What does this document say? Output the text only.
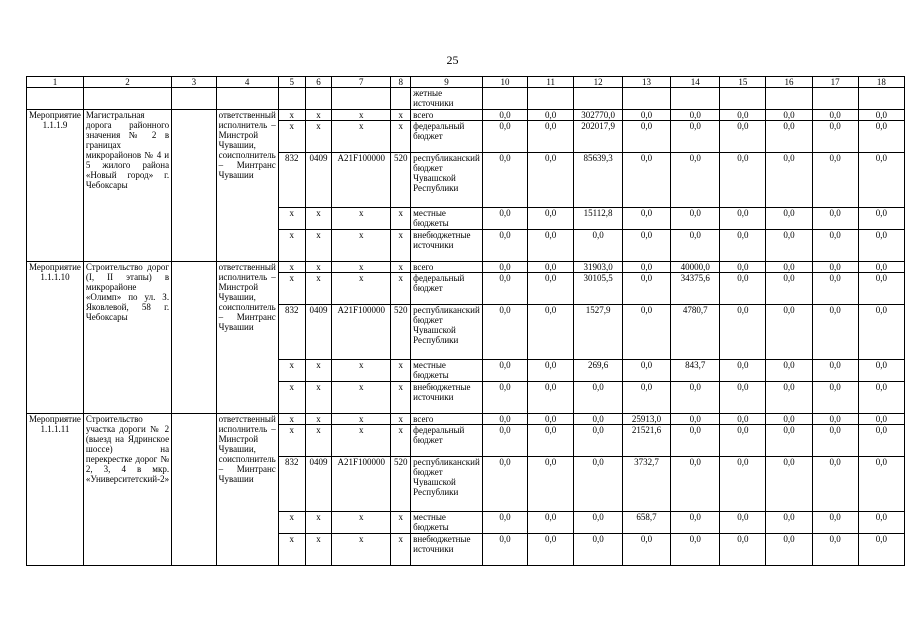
25
1	2	3	4	5	6	7	8	9	10	11	12	13	14	15	16	17	18
								жетные источники									
Мероприятие 1.1.1.9	Магистральная дорога районного значения № 2 в границах микрорайонов № 4 и 5 жилого района «Новый город» г. Чебоксары		ответственный исполнитель – Минстрой Чувашии, соисполнитель – Минтранс Чувашии	x	x	x	x	всего	0,0	0,0	302770,0	0,0	0,0	0,0	0,0	0,0	0,0
				x	x	x	x	федеральный бюджет	0,0	0,0	202017,9	0,0	0,0	0,0	0,0	0,0	0,0
				832	0409	A21F100000	520	республиканский бюджет Чувашской Республики	0,0	0,0	85639,3	0,0	0,0	0,0	0,0	0,0	0,0
				x	x	x	x	местные бюджеты	0,0	0,0	15112,8	0,0	0,0	0,0	0,0	0,0	0,0
				x	x	x	x	внебюджетные источники	0,0	0,0	0,0	0,0	0,0	0,0	0,0	0,0	0,0
Мероприятие 1.1.1.10	Строительство дорог (I, II этапы) в микрорайоне «Олимп» по ул. З. Яковлевой, 58 г. Чебоксары		ответственный исполнитель – Минстрой Чувашии, соисполнитель – Минтранс Чувашии	x	x	x	x	всего	0,0	0,0	31903,0	0,0	40000,0	0,0	0,0	0,0	0,0
				x	x	x	x	федеральный бюджет	0,0	0,0	30105,5	0,0	34375,6	0,0	0,0	0,0	0,0
				832	0409	A21F100000	520	республиканский бюджет Чувашской Республики	0,0	0,0	1527,9	0,0	4780,7	0,0	0,0	0,0	0,0
				x	x	x	x	местные бюджеты	0,0	0,0	269,6	0,0	843,7	0,0	0,0	0,0	0,0
				x	x	x	x	внебюджетные источники	0,0	0,0	0,0	0,0	0,0	0,0	0,0	0,0	0,0
Мероприятие 1.1.1.11	Строительство участка дороги № 2 (выезд на Ядринское шоссе) на перекрестке дорог № 2, 3, 4 в мкр. «Университетский-2»		ответственный исполнитель – Минстрой Чувашии, соисполнитель – Минтранс Чувашии	x	x	x	x	всего	0,0	0,0	0,0	25913,0	0,0	0,0	0,0	0,0	0,0
				x	x	x	x	федеральный бюджет	0,0	0,0	0,0	21521,6	0,0	0,0	0,0	0,0	0,0
				832	0409	A21F100000	520	республиканский бюджет Чувашской Республики	0,0	0,0	0,0	3732,7	0,0	0,0	0,0	0,0	0,0
				x	x	x	x	местные бюджеты	0,0	0,0	0,0	658,7	0,0	0,0	0,0	0,0	0,0
				x	x	x	x	внебюджетные источники	0,0	0,0	0,0	0,0	0,0	0,0	0,0	0,0	0,0
